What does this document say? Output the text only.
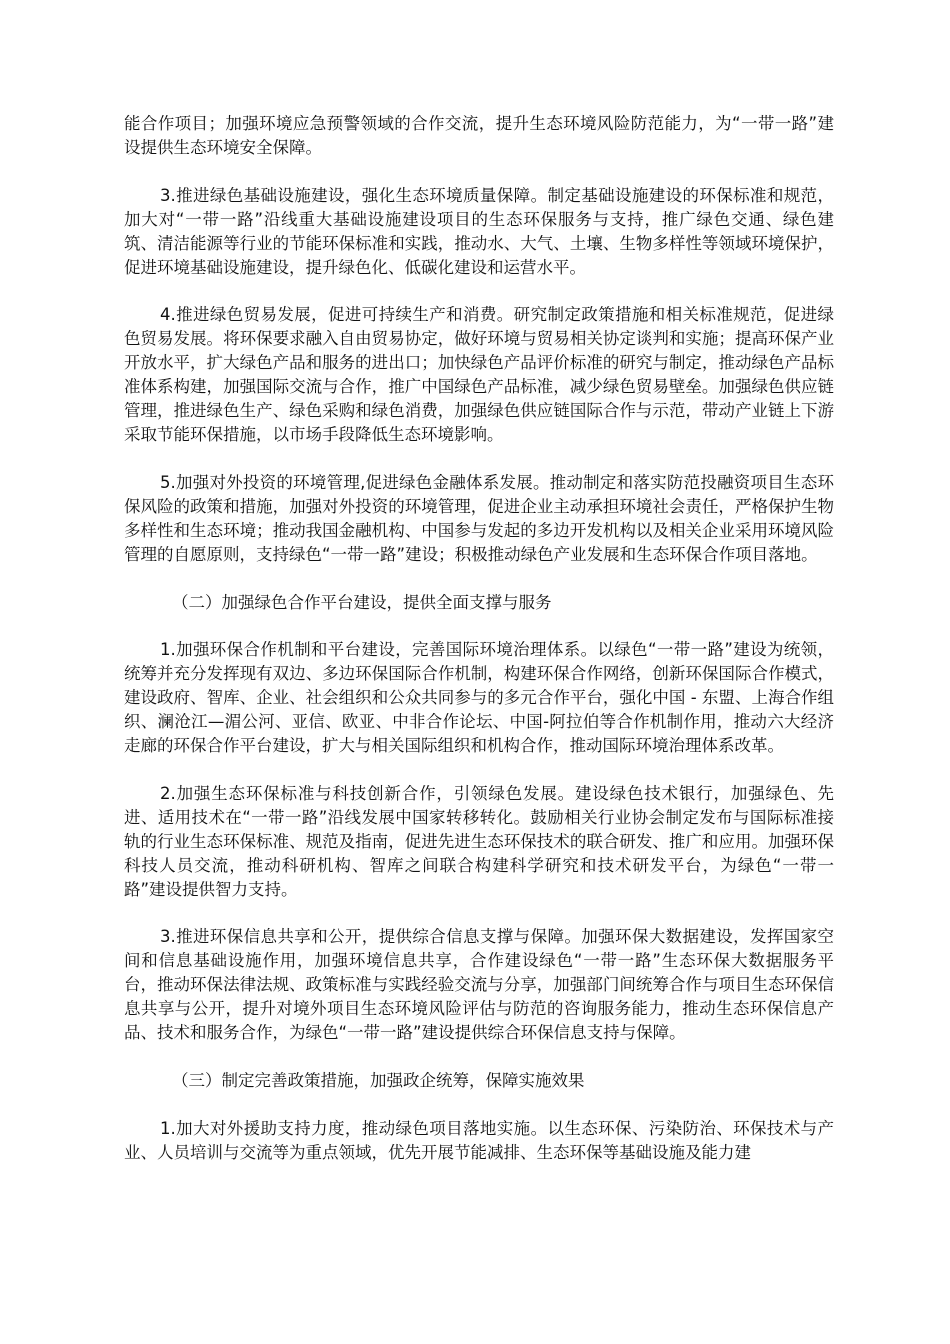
能合作项目；加强环境应急预警领域的合作交流，提升生态环境风险防范能力，为“一带一路”建设提供生态环境安全保障。

3.推进绿色基础设施建设，强化生态环境质量保障。制定基础设施建设的环保标准和规范，加大对“一带一路”沿线重大基础设施建设项目的生态环保服务与支持，推广绿色交通、绿色建筑、清洁能源等行业的节能环保标准和实践，推动水、大气、土壤、生物多样性等领域环境保护，促进环境基础设施建设，提升绿色化、低碳化建设和运营水平。

4.推进绿色贸易发展，促进可持续生产和消费。研究制定政策措施和相关标准规范，促进绿色贸易发展。将环保要求融入自由贸易协定，做好环境与贸易相关协定谈判和实施；提高环保产业开放水平，扩大绿色产品和服务的进出口；加快绿色产品评价标准的研究与制定，推动绿色产品标准体系构建，加强国际交流与合作，推广中国绿色产品标准，减少绿色贸易壁垒。加强绿色供应链管理，推进绿色生产、绿色采购和绿色消费，加强绿色供应链国际合作与示范，带动产业链上下游采取节能环保措施，以市场手段降低生态环境影响。

5.加强对外投资的环境管理,促进绿色金融体系发展。推动制定和落实防范投融资项目生态环保风险的政策和措施，加强对外投资的环境管理，促进企业主动承担环境社会责任，严格保护生物多样性和生态环境；推动我国金融机构、中国参与发起的多边开发机构以及相关企业采用环境风险管理的自愿原则，支持绿色“一带一路”建设；积极推动绿色产业发展和生态环保合作项目落地。

（二）加强绿色合作平台建设，提供全面支撑与服务

1.加强环保合作机制和平台建设，完善国际环境治理体系。以绿色“一带一路”建设为统领，统筹并充分发挥现有双边、多边环保国际合作机制，构建环保合作网络，创新环保国际合作模式，建设政府、智库、企业、社会组织和公众共同参与的多元合作平台，强化中国 - 东盟、上海合作组织、澜沧江—湄公河、亚信、欧亚、中非合作论坛、中国-阿拉伯等合作机制作用，推动六大经济走廊的环保合作平台建设，扩大与相关国际组织和机构合作，推动国际环境治理体系改革。

2.加强生态环保标准与科技创新合作，引领绿色发展。建设绿色技术银行，加强绿色、先进、适用技术在“一带一路”沿线发展中国家转移转化。鼓励相关行业协会制定发布与国际标准接轨的行业生态环保标准、规范及指南，促进先进生态环保技术的联合研发、推广和应用。加强环保科技人员交流，推动科研机构、智库之间联合构建科学研究和技术研发平台，为绿色“一带一路”建设提供智力支持。

3.推进环保信息共享和公开，提供综合信息支撑与保障。加强环保大数据建设，发挥国家空间和信息基础设施作用，加强环境信息共享，合作建设绿色“一带一路”生态环保大数据服务平台，推动环保法律法规、政策标准与实践经验交流与分享，加强部门间统筹合作与项目生态环保信息共享与公开，提升对境外项目生态环境风险评估与防范的咨询服务能力，推动生态环保信息产品、技术和服务合作，为绿色“一带一路”建设提供综合环保信息支持与保障。

（三）制定完善政策措施，加强政企统筹，保障实施效果

1.加大对外援助支持力度，推动绿色项目落地实施。以生态环保、污染防治、环保技术与产业、人员培训与交流等为重点领域，优先开展节能减排、生态环保等基础设施及能力建
